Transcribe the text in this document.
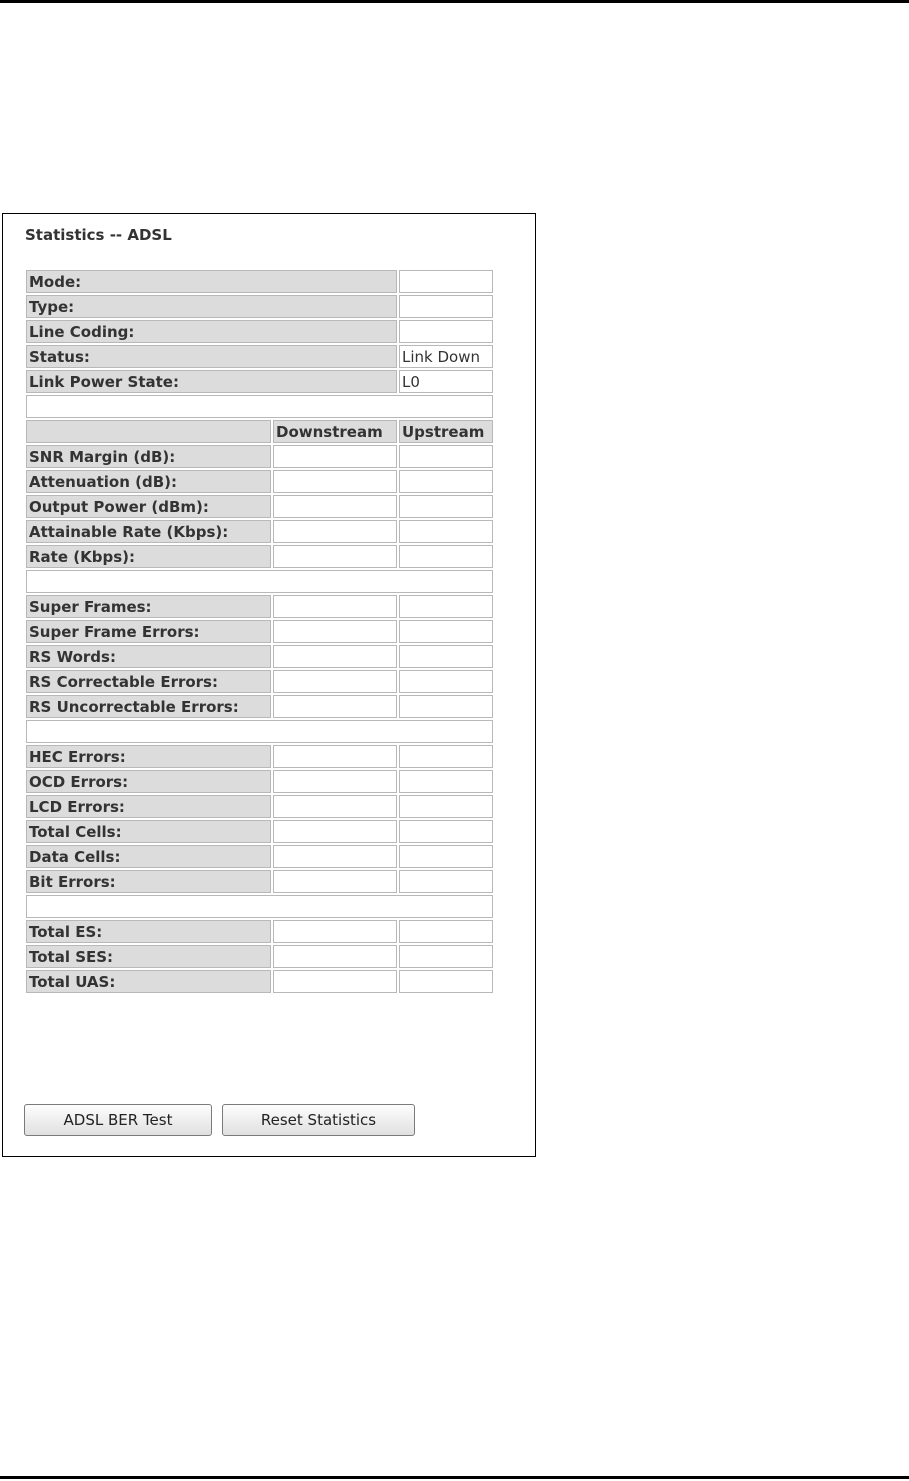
Statistics -- ADSL
Mode:		
Type:		
Line Coding:		
Status:		Link Down
Link Power State:		L0

	Downstream	Upstream
SNR Margin (dB):		
Attenuation (dB):		
Output Power (dBm):		
Attainable Rate (Kbps):		
Rate (Kbps):		

Super Frames:		
Super Frame Errors:		
RS Words:		
RS Correctable Errors:		
RS Uncorrectable Errors:		

HEC Errors:		
OCD Errors:		
LCD Errors:		
Total Cells:		
Data Cells:		
Bit Errors:		

Total ES:		
Total SES:		
Total UAS:		
ADSL BER Test	Reset Statistics
